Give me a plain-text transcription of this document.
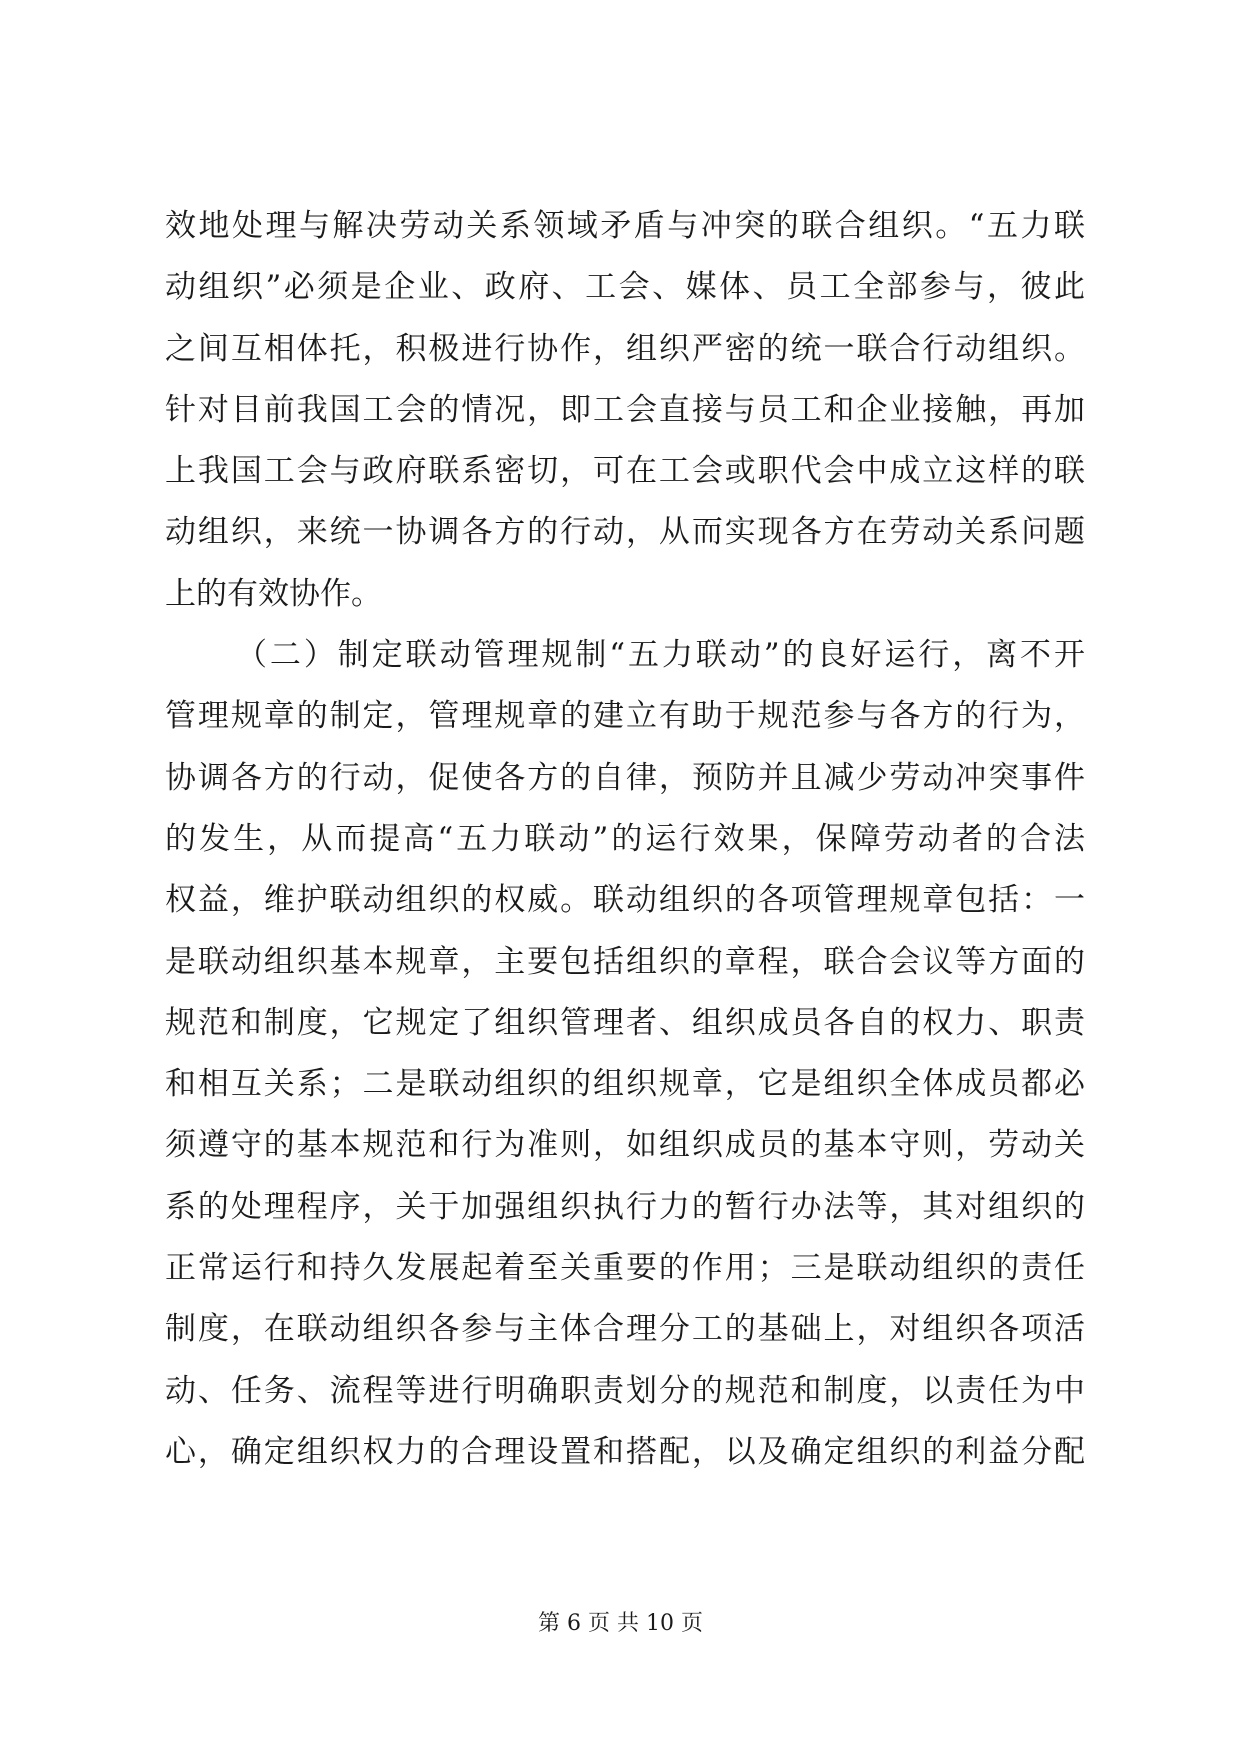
效地处理与解决劳动关系领域矛盾与冲突的联合组织。“五力联
动组织”必须是企业、政府、工会、媒体、员工全部参与，彼此
之间互相体托，积极进行协作，组织严密的统一联合行动组织。
针对目前我国工会的情况，即工会直接与员工和企业接触，再加
上我国工会与政府联系密切，可在工会或职代会中成立这样的联
动组织，来统一协调各方的行动，从而实现各方在劳动关系问题
上的有效协作。
（二）制定联动管理规制“五力联动”的良好运行，离不开
管理规章的制定，管理规章的建立有助于规范参与各方的行为，
协调各方的行动，促使各方的自律，预防并且减少劳动冲突事件
的发生，从而提高“五力联动”的运行效果，保障劳动者的合法
权益，维护联动组织的权威。联动组织的各项管理规章包括：一
是联动组织基本规章，主要包括组织的章程，联合会议等方面的
规范和制度，它规定了组织管理者、组织成员各自的权力、职责
和相互关系；二是联动组织的组织规章，它是组织全体成员都必
须遵守的基本规范和行为准则，如组织成员的基本守则，劳动关
系的处理程序，关于加强组织执行力的暂行办法等，其对组织的
正常运行和持久发展起着至关重要的作用；三是联动组织的责任
制度，在联动组织各参与主体合理分工的基础上，对组织各项活
动、任务、流程等进行明确职责划分的规范和制度，以责任为中
心，确定组织权力的合理设置和搭配，以及确定组织的利益分配
第 6 页 共 10 页
